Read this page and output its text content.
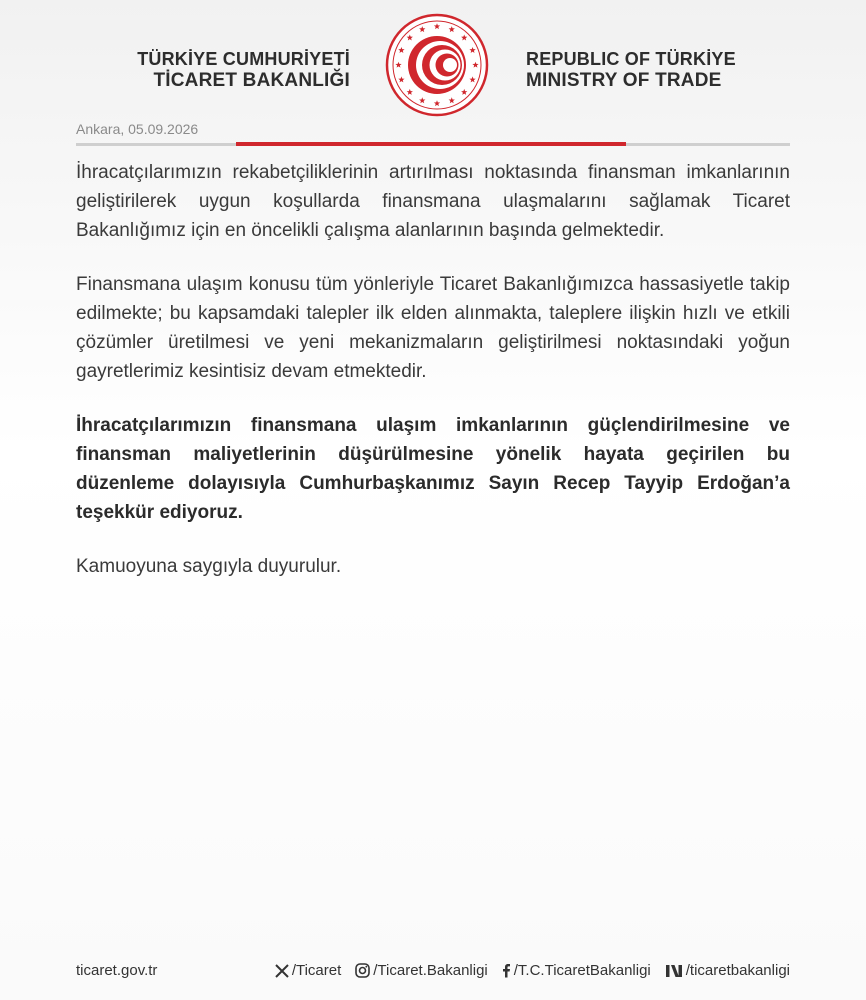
TÜRKİYE CUMHURİYETİ
TİCARET BAKANLIĞI
REPUBLIC OF TÜRKİYE
MINISTRY OF TRADE
Ankara, 05.09.2026

İhracatçılarımızın rekabetçiliklerinin artırılması noktasında finansman imkanlarının geliştirilerek uygun koşullarda finansmana ulaşmalarını sağlamak Ticaret Bakanlığımız için en öncelikli çalışma alanlarının başında gelmektedir.

Finansmana ulaşım konusu tüm yönleriyle Ticaret Bakanlığımızca hassasiyetle takip edilmekte; bu kapsamdaki talepler ilk elden alınmakta, taleplere ilişkin hızlı ve etkili çözümler üretilmesi ve yeni mekanizmaların geliştirilmesi noktasındaki yoğun gayretlerimiz kesintisiz devam etmektedir.

İhracatçılarımızın finansmana ulaşım imkanlarının güçlendirilmesine ve finansman maliyetlerinin düşürülmesine yönelik hayata geçirilen bu düzenleme dolayısıyla Cumhurbaşkanımız Sayın Recep Tayyip Erdoğan’a teşekkür ediyoruz.

Kamuoyuna saygıyla duyurulur.

ticaret.gov.tr	/Ticaret /Ticaret.Bakanligi /T.C.TicaretBakanligi /ticaretbakanligi
